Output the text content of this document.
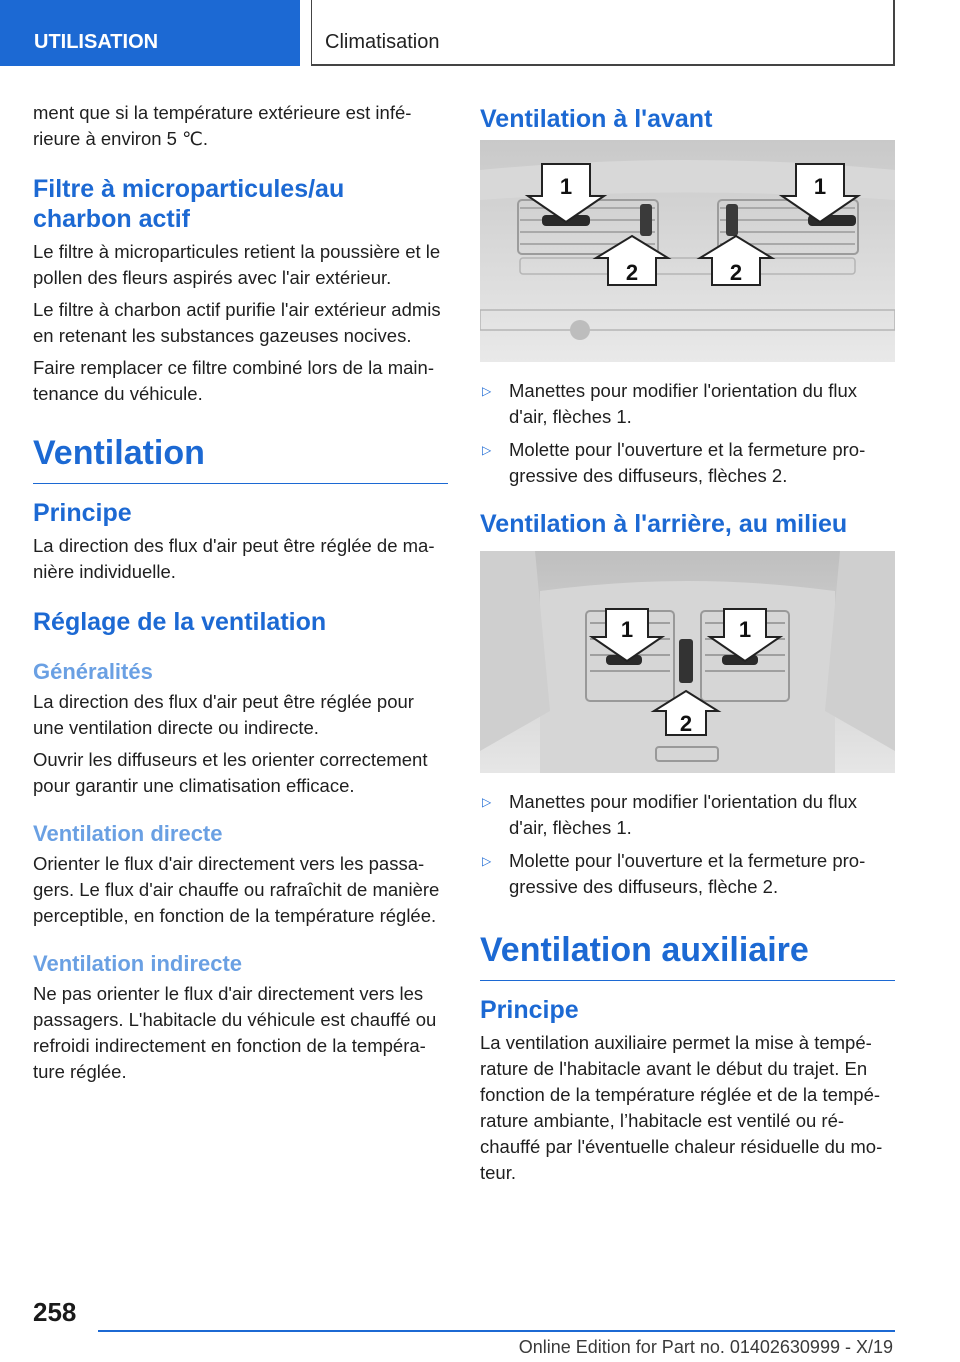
UTILISATION	Climatisation

ment que si la température extérieure est inférieure à environ 5 ℃.

Filtre à microparticules/au charbon actif

Le filtre à microparticules retient la poussière et le pollen des fleurs aspirés avec l'air extérieur.

Le filtre à charbon actif purifie l'air extérieur admis en retenant les substances gazeuses nocives.

Faire remplacer ce filtre combiné lors de la maintenance du véhicule.

Ventilation
Principe

La direction des flux d'air peut être réglée de manière individuelle.

Réglage de la ventilation
Généralités

La direction des flux d'air peut être réglée pour une ventilation directe ou indirecte.

Ouvrir les diffuseurs et les orienter correctement pour garantir une climatisation efficace.

Ventilation directe

Orienter le flux d'air directement vers les passagers. Le flux d'air chauffe ou rafraîchit de manière perceptible, en fonction de la température réglée.

Ventilation indirecte

Ne pas orienter le flux d'air directement vers les passagers. L'habitacle du véhicule est chauffé ou refroidi indirectement en fonction de la température réglée.

Ventilation à l'avant
1	1
2	2
▷ Manettes pour modifier l'orientation du flux d'air, flèches 1.
▷ Molette pour l'ouverture et la fermeture progressive des diffuseurs, flèches 2.
Ventilation à l'arrière, au milieu
1	1
2
▷ Manettes pour modifier l'orientation du flux d'air, flèches 1.
▷ Molette pour l'ouverture et la fermeture progressive des diffuseurs, flèche 2.
Ventilation auxiliaire
Principe

La ventilation auxiliaire permet la mise à température de l'habitacle avant le début du trajet. En fonction de la température réglée et de la température ambiante, l’habitacle est ventilé ou réchauffé par l'éventuelle chaleur résiduelle du moteur.

258
Online Edition for Part no. 01402630999 - X/19
